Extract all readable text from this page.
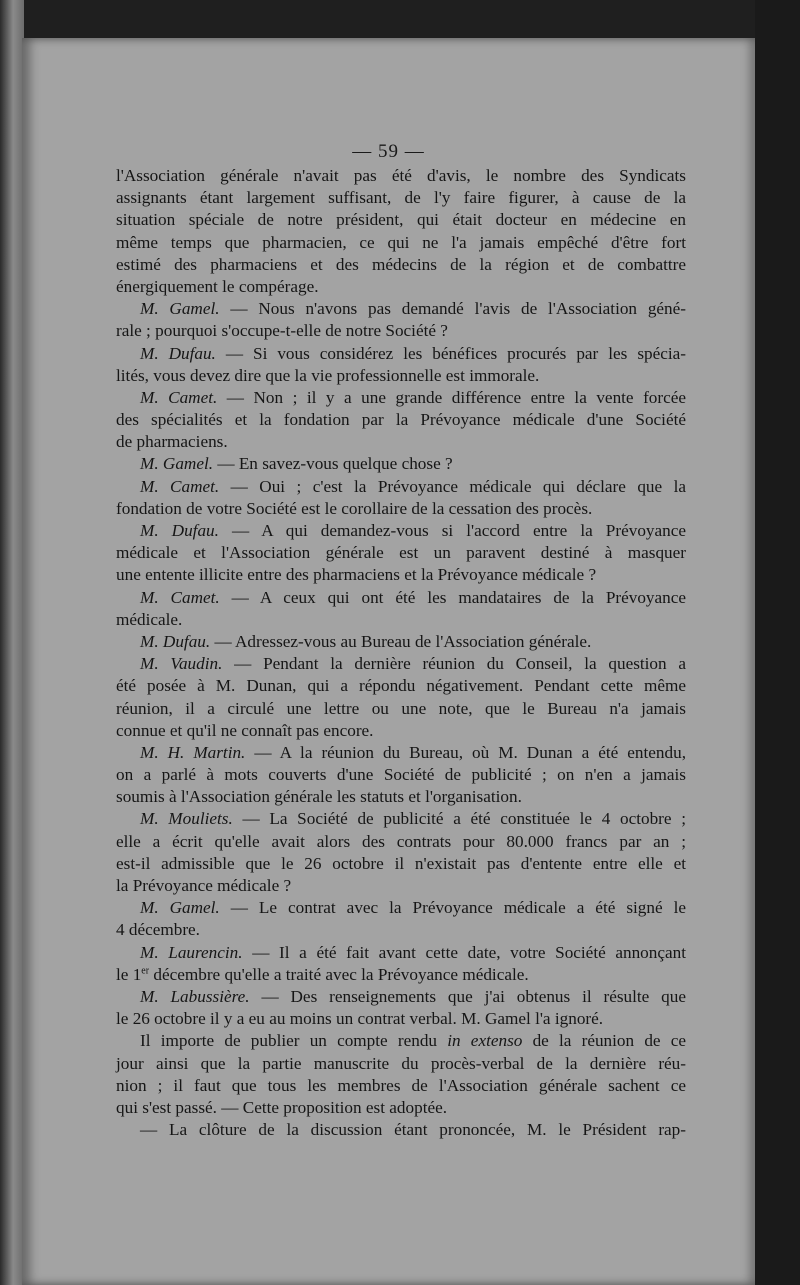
— 59 —
l'Association générale n'avait pas été d'avis, le nombre des Syndicats
assignants étant largement suffisant, de l'y faire figurer, à cause de la
situation spéciale de notre président, qui était docteur en médecine en
même temps que pharmacien, ce qui ne l'a jamais empêché d'être fort
estimé des pharmaciens et des médecins de la région et de combattre
énergiquement le compérage.
M. Gamel. — Nous n'avons pas demandé l'avis de l'Association géné-
rale ; pourquoi s'occupe-t-elle de notre Société ?
M. Dufau. — Si vous considérez les bénéfices procurés par les spécia-
lités, vous devez dire que la vie professionnelle est immorale.
M. Camet. — Non ; il y a une grande différence entre la vente forcée
des spécialités et la fondation par la Prévoyance médicale d'une Société
de pharmaciens.
M. Gamel. — En savez-vous quelque chose ?
M. Camet. — Oui ; c'est la Prévoyance médicale qui déclare que la
fondation de votre Société est le corollaire de la cessation des procès.
M. Dufau. — A qui demandez-vous si l'accord entre la Prévoyance
médicale et l'Association générale est un paravent destiné à masquer
une entente illicite entre des pharmaciens et la Prévoyance médicale ?
M. Camet. — A ceux qui ont été les mandataires de la Prévoyance
médicale.
M. Dufau. — Adressez-vous au Bureau de l'Association générale.
M. Vaudin. — Pendant la dernière réunion du Conseil, la question a
été posée à M. Dunan, qui a répondu négativement. Pendant cette même
réunion, il a circulé une lettre ou une note, que le Bureau n'a jamais
connue et qu'il ne connaît pas encore.
M. H. Martin. — A la réunion du Bureau, où M. Dunan a été entendu,
on a parlé à mots couverts d'une Société de publicité ; on n'en a jamais
soumis à l'Association générale les statuts et l'organisation.
M. Mouliets. — La Société de publicité a été constituée le 4 octobre ;
elle a écrit qu'elle avait alors des contrats pour 80.000 francs par an ;
est-il admissible que le 26 octobre il n'existait pas d'entente entre elle et
la Prévoyance médicale ?
M. Gamel. — Le contrat avec la Prévoyance médicale a été signé le
4 décembre.
M. Laurencin. — Il a été fait avant cette date, votre Société annonçant
le 1er décembre qu'elle a traité avec la Prévoyance médicale.
M. Labussière. — Des renseignements que j'ai obtenus il résulte que
le 26 octobre il y a eu au moins un contrat verbal. M. Gamel l'a ignoré.
Il importe de publier un compte rendu in extenso de la réunion de ce
jour ainsi que la partie manuscrite du procès-verbal de la dernière réu-
nion ; il faut que tous les membres de l'Association générale sachent ce
qui s'est passé. — Cette proposition est adoptée.
— La clôture de la discussion étant prononcée, M. le Président rap-
